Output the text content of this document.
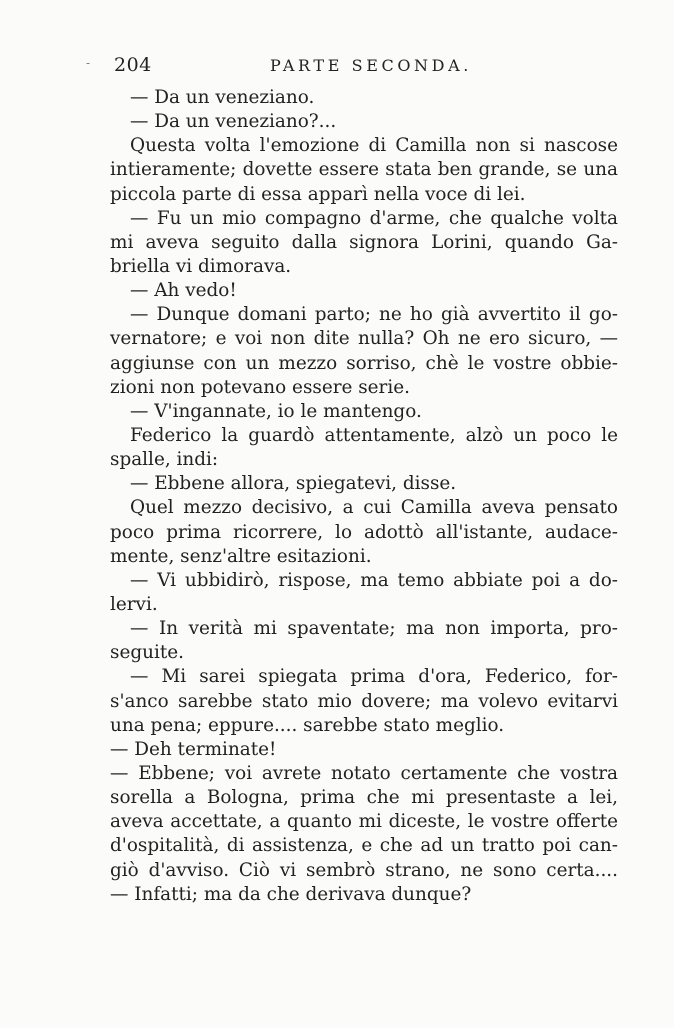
- 204	PARTE SECONDA.
— Da un veneziano.
— Da un veneziano?...
Questa volta l'emozione di Camilla non si nascose
intieramente; dovette essere stata ben grande, se una
piccola parte di essa apparì nella voce di lei.
— Fu un mio compagno d'arme, che qualche volta
mi aveva seguito dalla signora Lorini, quando Ga-
briella vi dimorava.
— Ah vedo!
— Dunque domani parto; ne ho già avvertito il go-
vernatore; e voi non dite nulla? Oh ne ero sicuro, —
aggiunse con un mezzo sorriso, chè le vostre obbie-
zioni non potevano essere serie.
— V'ingannate, io le mantengo.
Federico la guardò attentamente, alzò un poco le
spalle, indi:
— Ebbene allora, spiegatevi, disse.
Quel mezzo decisivo, a cui Camilla aveva pensato
poco prima ricorrere, lo adottò all'istante, audace-
mente, senz'altre esitazioni.
— Vi ubbidirò, rispose, ma temo abbiate poi a do-
lervi.
— In verità mi spaventate; ma non importa, pro-
seguite.
— Mi sarei spiegata prima d'ora, Federico, for-
s'anco sarebbe stato mio dovere; ma volevo evitarvi
una pena; eppure.... sarebbe stato meglio.
— Deh terminate!
— Ebbene; voi avrete notato certamente che vostra
sorella a Bologna, prima che mi presentaste a lei,
aveva accettate, a quanto mi diceste, le vostre offerte
d'ospitalità, di assistenza, e che ad un tratto poi can-
giò d'avviso. Ciò vi sembrò strano, ne sono certa....
— Infatti; ma da che derivava dunque?
